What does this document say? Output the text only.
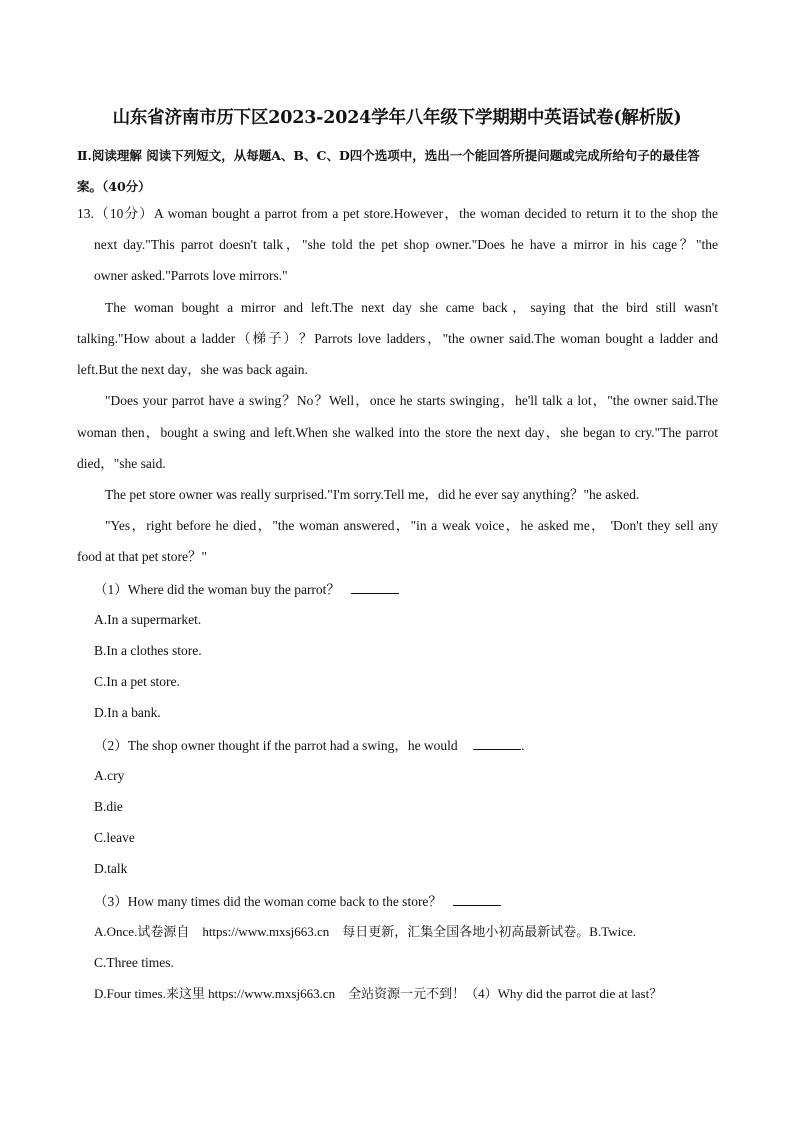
山东省济南市历下区2023-2024学年八年级下学期期中英语试卷(解析版)
Ⅱ.阅读理解 阅读下列短文，从每题A、B、C、D四个选项中，选出一个能回答所提问题或完成所给句子的最佳答案。（40分）
13.（10分）A woman bought a parrot from a pet store.However，the woman decided to return it to the shop the
next day."This parrot doesn't talk，"she told the pet shop owner."Does he have a mirror in his cage？"the
owner asked."Parrots love mirrors."
The woman bought a mirror and left.The next day she came back，saying that the bird still wasn't
talking."How about a ladder（梯子）？Parrots love ladders，"the owner said.The woman bought a ladder and
left.But the next day，she was back again.
"Does your parrot have a swing？No？Well，once he starts swinging，he'll talk a lot，"the owner said.The
woman then，bought a swing and left.When she walked into the store the next day，she began to cry."The parrot
died，"she said.
The pet store owner was really surprised."I'm sorry.Tell me，did he ever say anything？"he asked.
"Yes，right before he died，"the woman answered，"in a weak voice，he asked me， 'Don't they sell any
food at that pet store？"
（1）Where did the woman buy the parrot？
A.In a supermarket.
B.In a clothes store.
C.In a pet store.
D.In a bank.
（2）The shop owner thought if the parrot had a swing，he would	.
A.cry
B.die
C.leave
D.talk
（3）How many times did the woman come back to the store？
A.Once.试卷源自    https://www.mxsj663.cn    每日更新，汇集全国各地小初高最新试卷。B.Twice.
C.Three times.
D.Four times.来这里 https://www.mxsj663.cn    全站资源一元不到！（4）Why did the parrot die at last？
